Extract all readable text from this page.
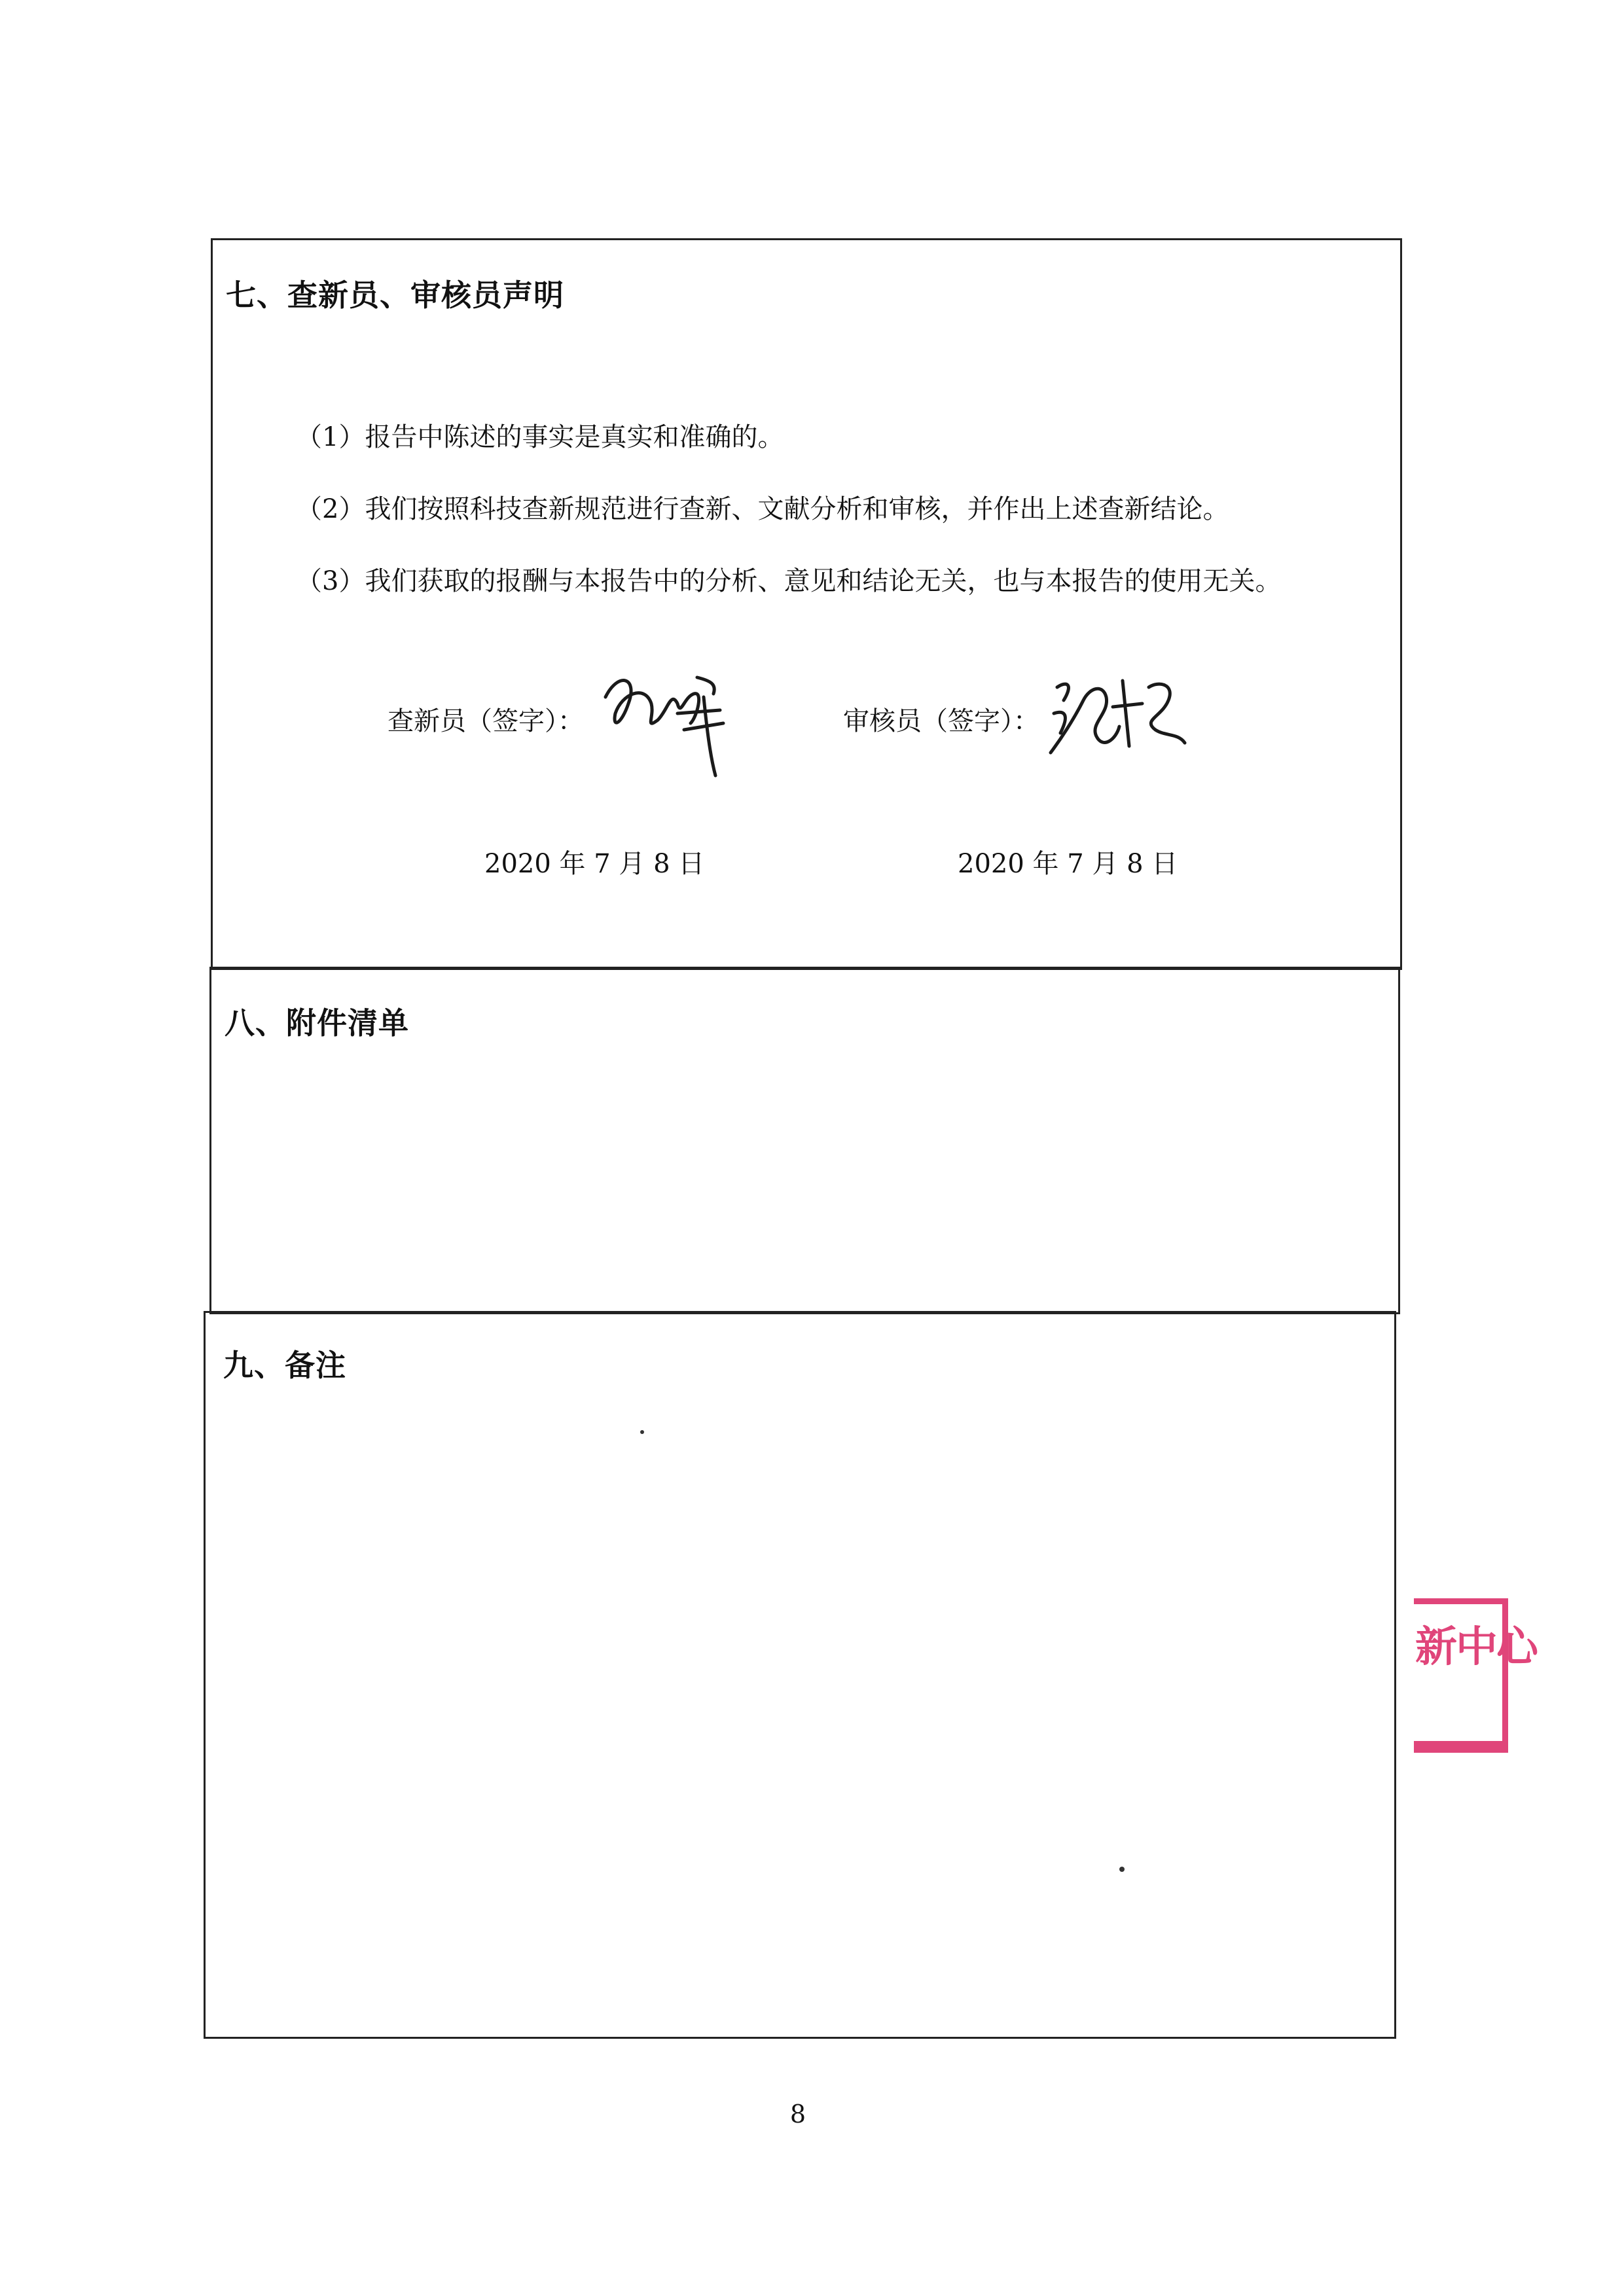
七、查新员、审核员声明
（1）报告中陈述的事实是真实和准确的。
（2）我们按照科技查新规范进行查新、文献分析和审核，并作出上述查新结论。
（3）我们获取的报酬与本报告中的分析、意见和结论无关，也与本报告的使用无关。
查新员（签字）：	审核员（签字）：
2020 年 7 月 8 日	2020 年 7 月 8 日
八、附件清单
九、备注
新中心
8
